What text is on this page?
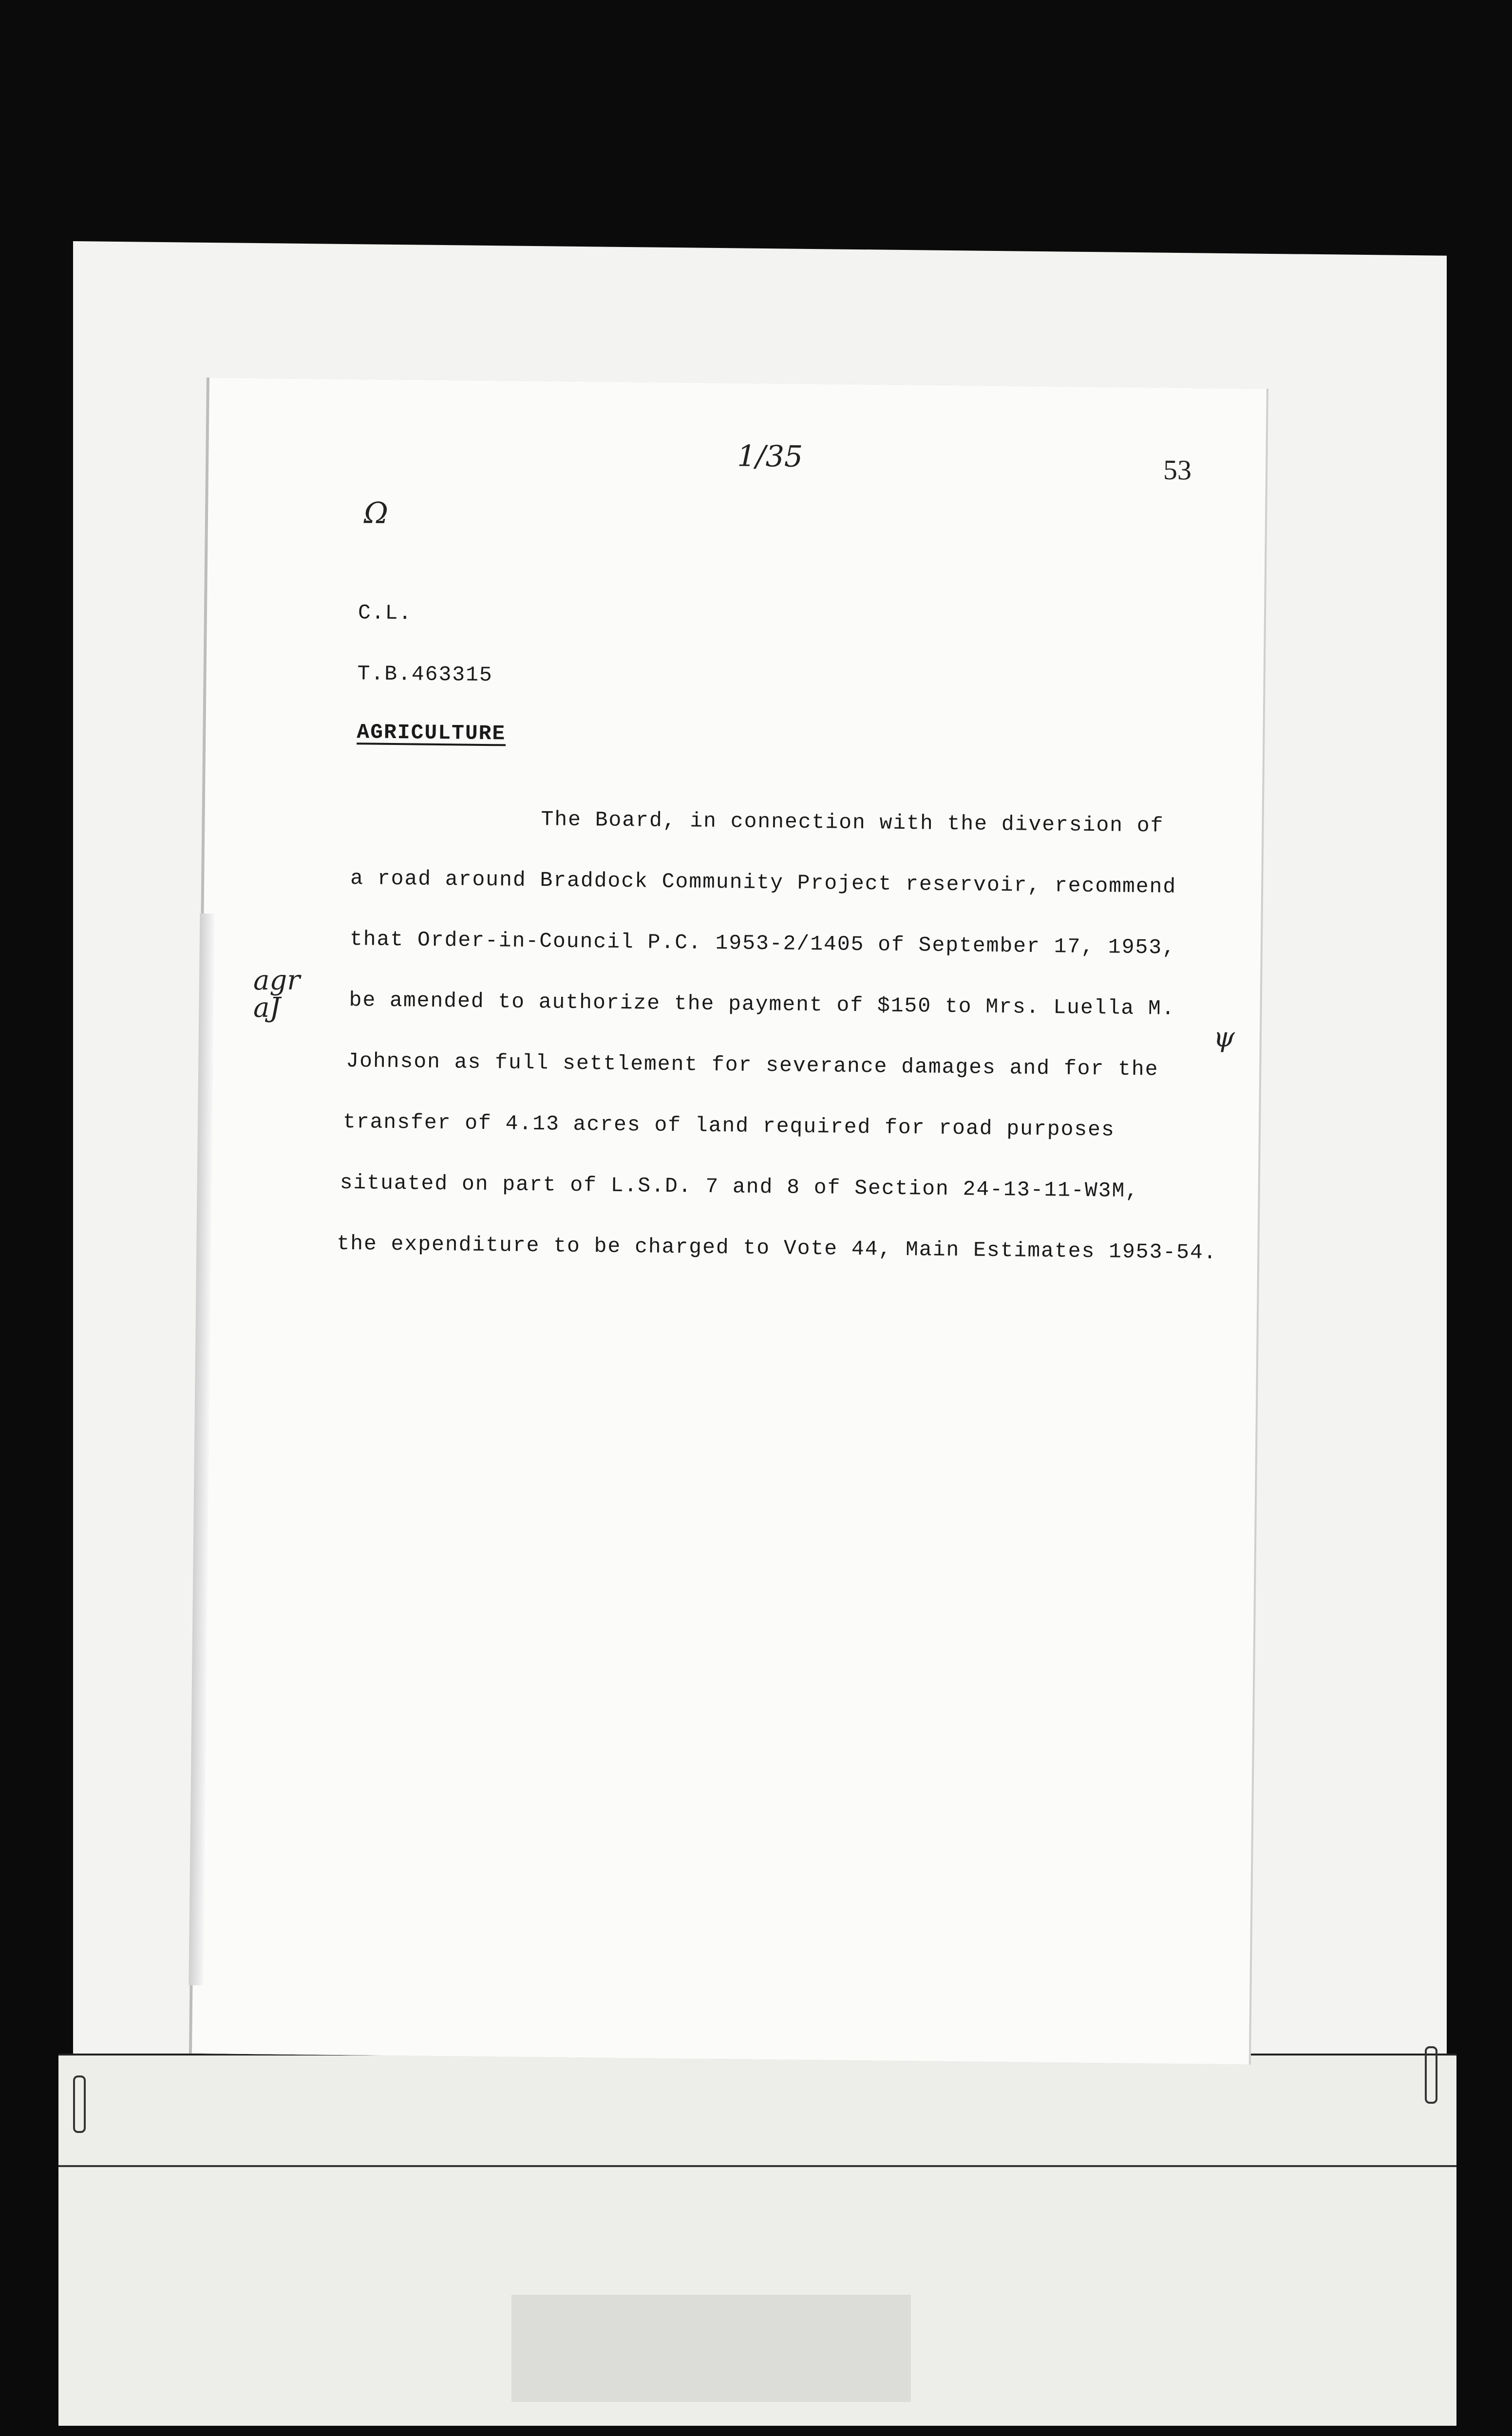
1/35	53
Ω
C.L.
T.B.463315
AGRICULTURE
The Board, in connection with the diversion of
a road around Braddock Community Project reservoir, recommend
that Order-in-Council P.C. 1953-2/1405 of September 17, 1953,
be amended to authorize the payment of $150 to Mrs. Luella M.
Johnson as full settlement for severance damages and for the
transfer of 4.13 acres of land required for road purposes
situated on part of L.S.D. 7 and 8 of Section 24-13-11-W3M,
the expenditure to be charged to Vote 44, Main Estimates 1953-54.
ψ
agr
aJ
